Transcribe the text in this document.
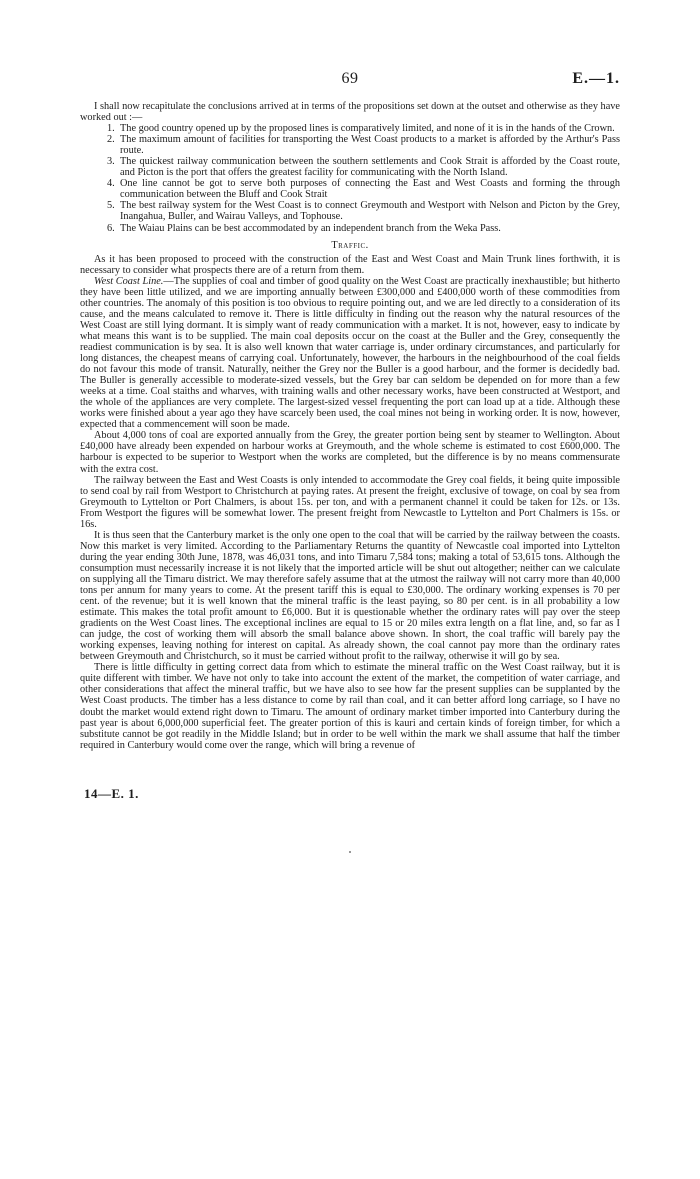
69	E.—1.

I shall now recapitulate the conclusions arrived at in terms of the propositions set down at the outset and otherwise as they have worked out :—

1. The good country opened up by the proposed lines is comparatively limited, and none of it is in the hands of the Crown.
2. The maximum amount of facilities for transporting the West Coast products to a market is afforded by the Arthur's Pass route.
3. The quickest railway communication between the southern settlements and Cook Strait is afforded by the Coast route, and Picton is the port that offers the greatest facility for communicating with the North Island.
4. One line cannot be got to serve both purposes of connecting the East and West Coasts and forming the through communication between the Bluff and Cook Strait
5. The best railway system for the West Coast is to connect Greymouth and Westport with Nelson and Picton by the Grey, Inangahua, Buller, and Wairau Valleys, and Tophouse.
6. The Waiau Plains can be best accommodated by an independent branch from the Weka Pass.
Traffic.

As it has been proposed to proceed with the construction of the East and West Coast and Main Trunk lines forthwith, it is necessary to consider what prospects there are of a return from them.

West Coast Line.—The supplies of coal and timber of good quality on the West Coast are practically inexhaustible; but hitherto they have been little utilized, and we are importing annually between £300,000 and £400,000 worth of these commodities from other countries. The anomaly of this position is too obvious to require pointing out, and we are led directly to a consideration of its cause, and the means calculated to remove it. There is little difficulty in finding out the reason why the natural resources of the West Coast are still lying dormant. It is simply want of ready communication with a market. It is not, however, easy to indicate by what means this want is to be supplied. The main coal deposits occur on the coast at the Buller and the Grey, consequently the readiest communication is by sea. It is also well known that water carriage is, under ordinary circumstances, and particularly for long distances, the cheapest means of carrying coal. Unfortunately, however, the harbours in the neighbourhood of the coal fields do not favour this mode of transit. Naturally, neither the Grey nor the Buller is a good harbour, and the former is decidedly bad. The Buller is generally accessible to moderate-sized vessels, but the Grey bar can seldom be depended on for more than a few weeks at a time. Coal staiths and wharves, with training walls and other necessary works, have been constructed at Westport, and the whole of the appliances are very complete. The largest-sized vessel frequenting the port can load up at a tide. Although these works were finished about a year ago they have scarcely been used, the coal mines not being in working order. It is now, however, expected that a commencement will soon be made.

About 4,000 tons of coal are exported annually from the Grey, the greater portion being sent by steamer to Wellington. About £40,000 have already been expended on harbour works at Greymouth, and the whole scheme is estimated to cost £600,000. The harbour is expected to be superior to Westport when the works are completed, but the difference is by no means commensurate with the extra cost.

The railway between the East and West Coasts is only intended to accommodate the Grey coal fields, it being quite impossible to send coal by rail from Westport to Christchurch at paying rates. At present the freight, exclusive of towage, on coal by sea from Greymouth to Lyttelton or Port Chalmers, is about 15s. per ton, and with a permanent channel it could be taken for 12s. or 13s. From Westport the figures will be somewhat lower. The present freight from Newcastle to Lyttelton and Port Chalmers is 15s. or 16s.

It is thus seen that the Canterbury market is the only one open to the coal that will be carried by the railway between the coasts. Now this market is very limited. According to the Parliamentary Returns the quantity of Newcastle coal imported into Lyttelton during the year ending 30th June, 1878, was 46,031 tons, and into Timaru 7,584 tons; making a total of 53,615 tons. Although the consumption must necessarily increase it is not likely that the imported article will be shut out altogether; neither can we calculate on supplying all the Timaru district. We may therefore safely assume that at the utmost the railway will not carry more than 40,000 tons per annum for many years to come. At the present tariff this is equal to £30,000. The ordinary working expenses is 70 per cent. of the revenue; but it is well known that the mineral traffic is the least paying, so 80 per cent. is in all probability a low estimate. This makes the total profit amount to £6,000. But it is questionable whether the ordinary rates will pay over the steep gradients on the West Coast lines. The exceptional inclines are equal to 15 or 20 miles extra length on a flat line, and, so far as I can judge, the cost of working them will absorb the small balance above shown. In short, the coal traffic will barely pay the working expenses, leaving nothing for interest on capital. As already shown, the coal cannot pay more than the ordinary rates between Greymouth and Christchurch, so it must be carried without profit to the railway, otherwise it will go by sea.

There is little difficulty in getting correct data from which to estimate the mineral traffic on the West Coast railway, but it is quite different with timber. We have not only to take into account the extent of the market, the competition of water carriage, and other considerations that affect the mineral traffic, but we have also to see how far the present supplies can be supplanted by the West Coast products. The timber has a less distance to come by rail than coal, and it can better afford long carriage, so I have no doubt the market would extend right down to Timaru. The amount of ordinary market timber imported into Canterbury during the past year is about 6,000,000 superficial feet. The greater portion of this is kauri and certain kinds of foreign timber, for which a substitute cannot be got readily in the Middle Island; but in order to be well within the mark we shall assume that half the timber required in Canterbury would come over the range, which will bring a revenue of

14—E. 1.
